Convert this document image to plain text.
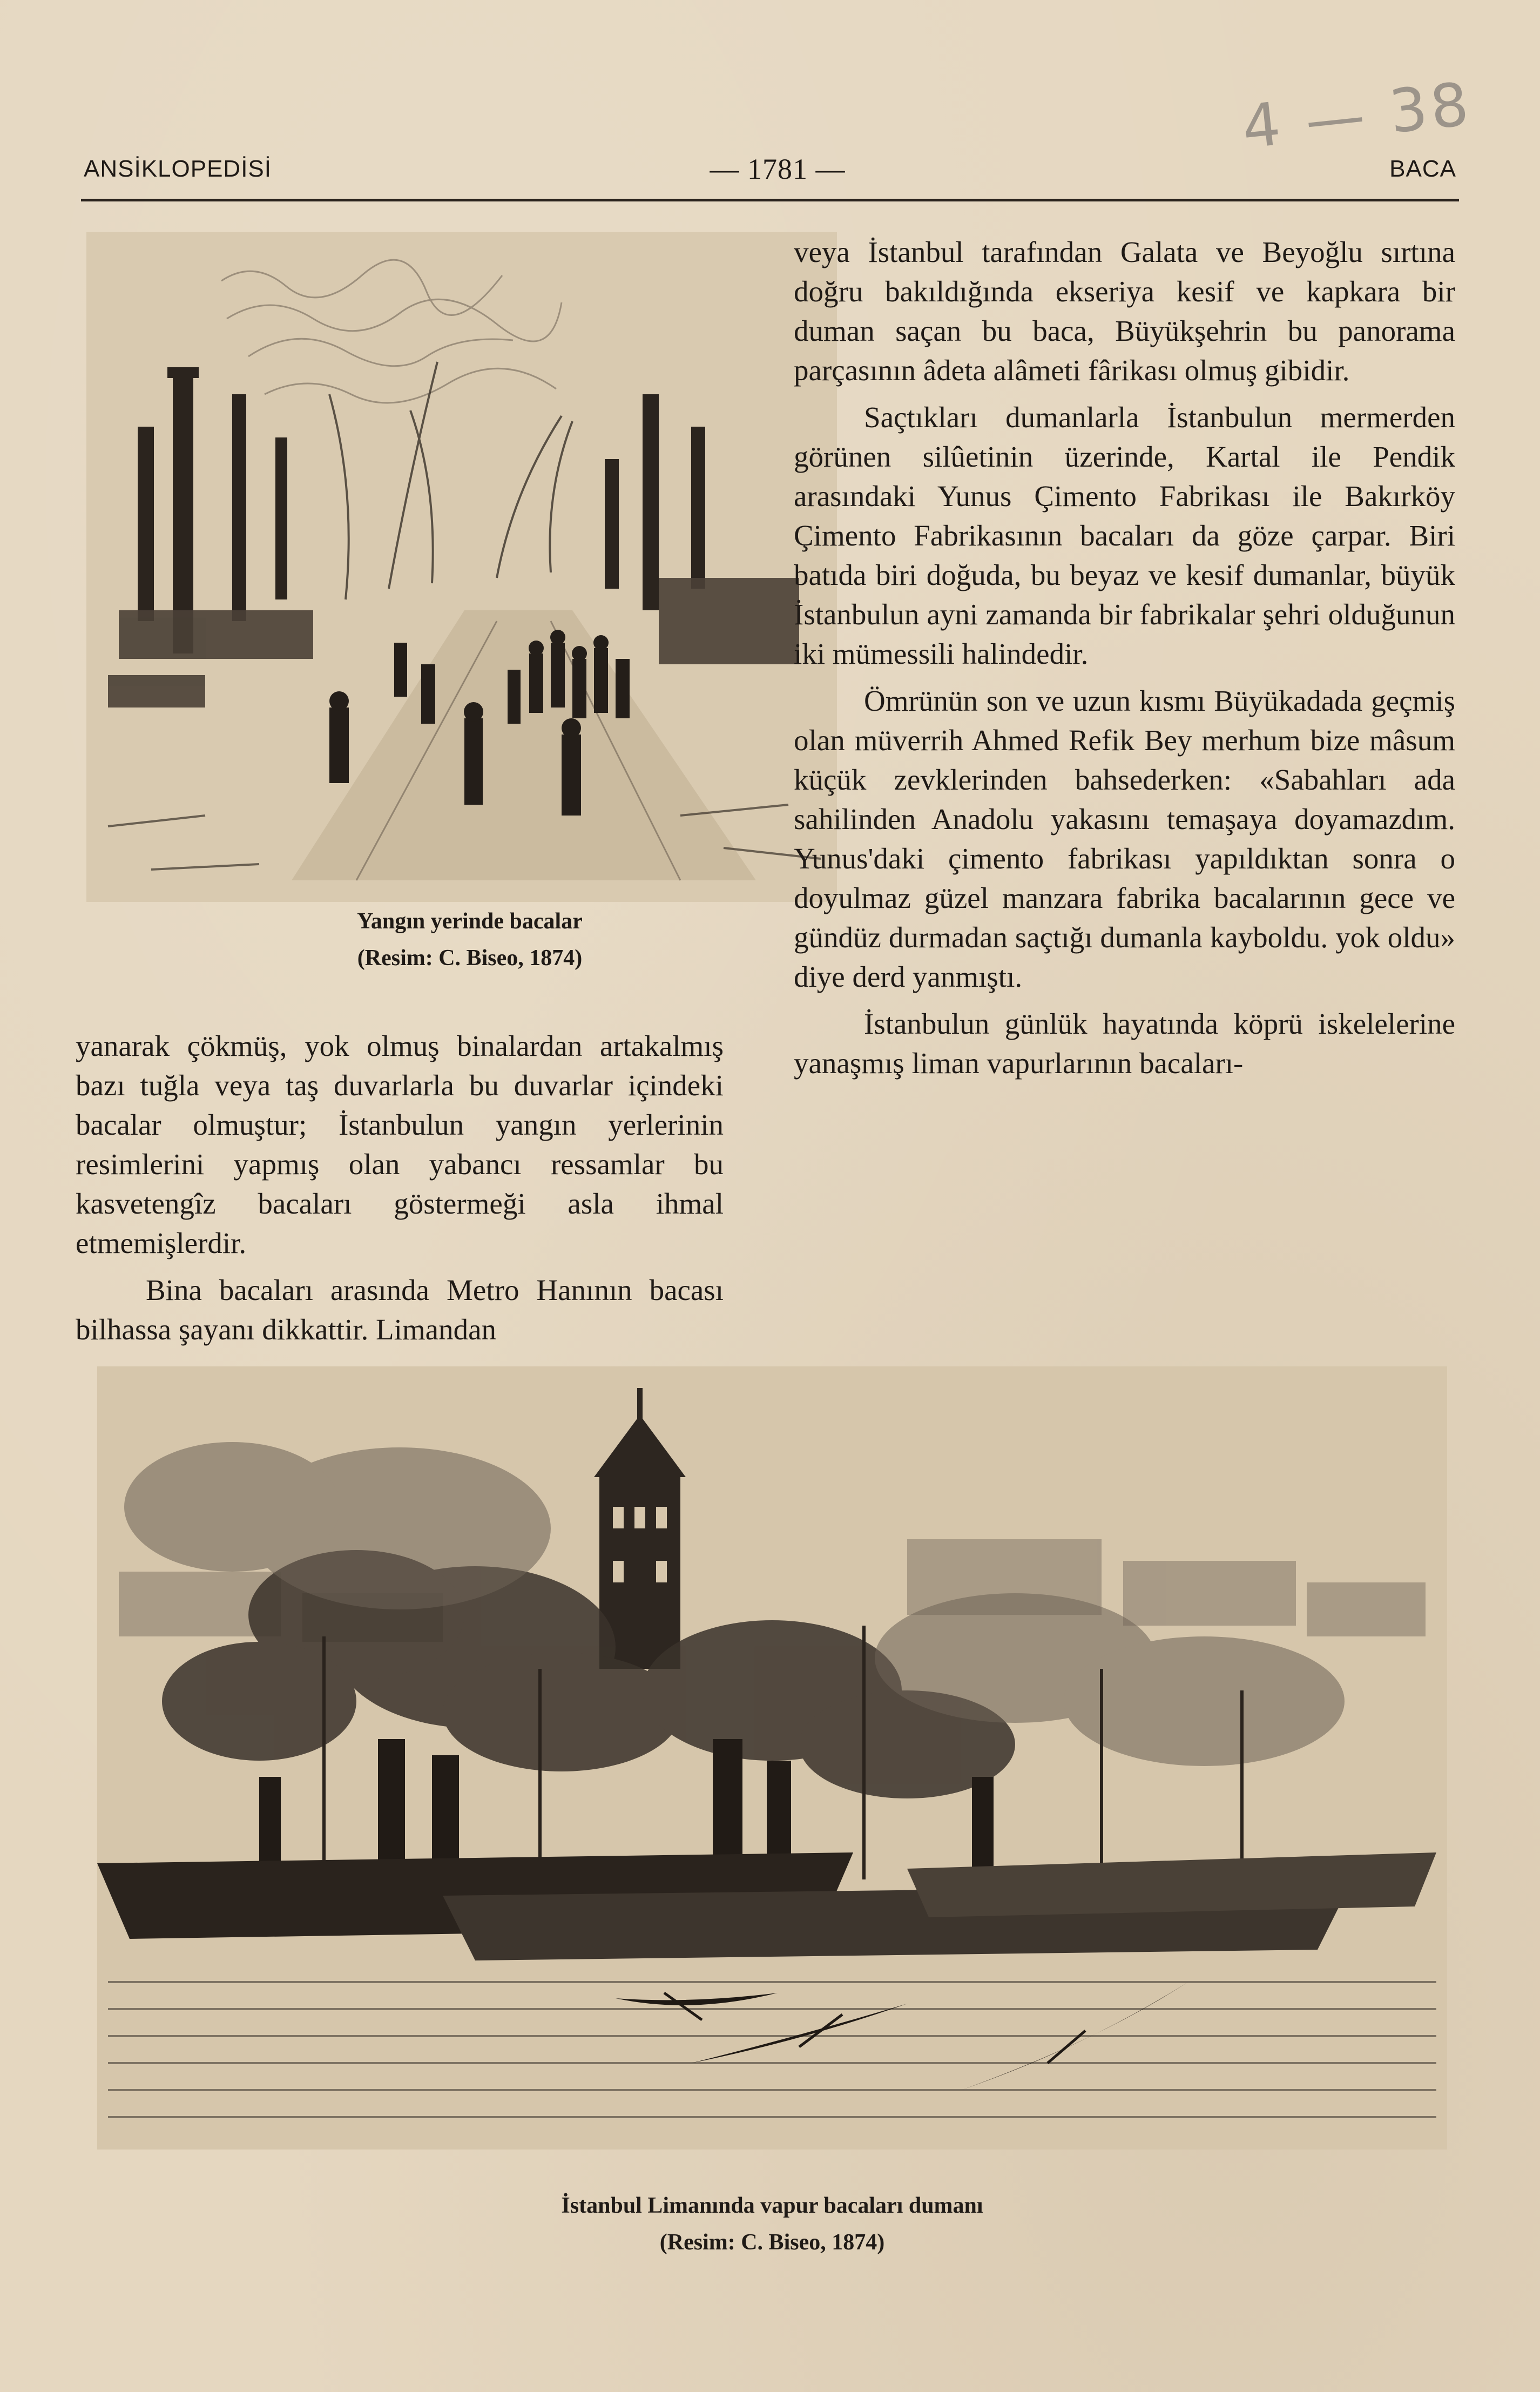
4 — 38
ANSİKLOPEDİSİ	— 1781 —	BACA
Yangın yerinde bacalar
(Resim: C. Biseo, 1874)

yanarak çökmüş, yok olmuş binalardan artakalmış bazı tuğla veya taş duvarlarla bu duvarlar içindeki bacalar olmuştur; İstanbulun yangın yerlerinin resimlerini yapmış olan yabancı ressamlar bu kasvetengîz bacaları göstermeği asla ihmal etmemişlerdir.

Bina bacaları arasında Metro Hanının bacası bilhassa şayanı dikkattir. Limandan

veya İstanbul tarafından Galata ve Beyoğlu sırtına doğru bakıldığında ekseriya kesif ve kapkara bir duman saçan bu baca, Büyükşehrin bu panorama parçasının âdeta alâmeti fârikası olmuş gibidir.

Saçtıkları dumanlarla İstanbulun mermerden görünen silûetinin üzerinde, Kartal ile Pendik arasındaki Yunus Çimento Fabrikası ile Bakırköy Çimento Fabrikasının bacaları da göze çarpar. Biri batıda biri doğuda, bu beyaz ve kesif dumanlar, büyük İstanbulun ayni zamanda bir fabrikalar şehri olduğunun iki mümessili halindedir.

Ömrünün son ve uzun kısmı Büyükadada geçmiş olan müverrih Ahmed Refik Bey merhum bize mâsum küçük zevklerinden bahsederken: «Sabahları ada sahilinden Anadolu yakasını temaşaya doyamazdım. Yunus'daki çimento fabrikası yapıldıktan sonra o doyulmaz güzel manzara fabrika bacalarının gece ve gündüz durmadan saçtığı dumanla kayboldu. yok oldu» diye derd yanmıştı.

İstanbulun günlük hayatında köprü iskelelerine yanaşmış liman vapurlarının bacaları-

İstanbul Limanında vapur bacaları dumanı
(Resim: C. Biseo, 1874)
